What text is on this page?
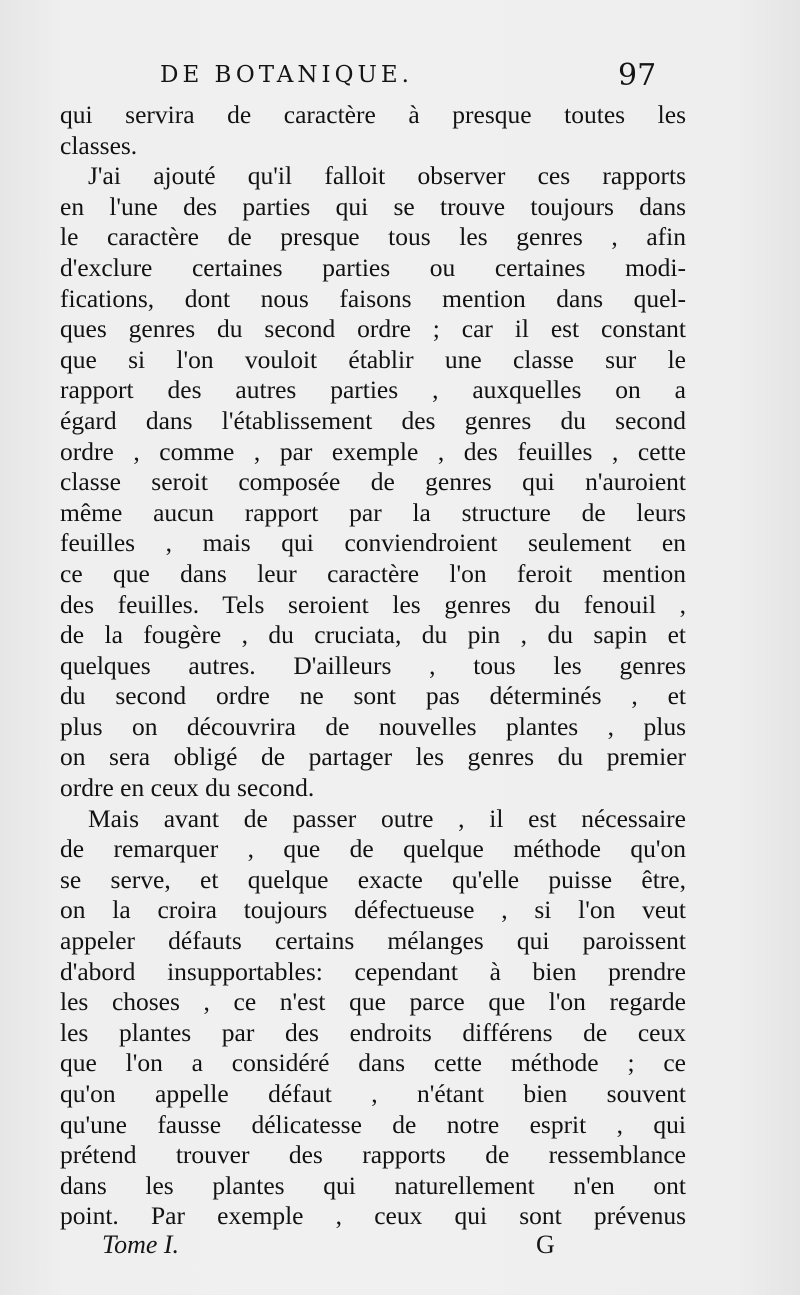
DE BOTANIQUE.	97
qui servira de caractère à presque toutes les
classes.
J'ai ajouté qu'il falloit observer ces rapports
en l'une des parties qui se trouve toujours dans
le caractère de presque tous les genres , afin
d'exclure certaines parties ou certaines modi-
fications, dont nous faisons mention dans quel-
ques genres du second ordre ; car il est constant
que si l'on vouloit établir une classe sur le
rapport des autres parties , auxquelles on a
égard dans l'établissement des genres du second
ordre , comme , par exemple , des feuilles , cette
classe seroit composée de genres qui n'auroient
même aucun rapport par la structure de leurs
feuilles , mais qui conviendroient seulement en
ce que dans leur caractère l'on feroit mention
des feuilles. Tels seroient les genres du fenouil ,
de la fougère , du cruciata, du pin , du sapin et
quelques autres. D'ailleurs , tous les genres
du second ordre ne sont pas déterminés , et
plus on découvrira de nouvelles plantes , plus
on sera obligé de partager les genres du premier
ordre en ceux du second.
Mais avant de passer outre , il est nécessaire
de remarquer , que de quelque méthode qu'on
se serve, et quelque exacte qu'elle puisse être,
on la croira toujours défectueuse , si l'on veut
appeler défauts certains mélanges qui paroissent
d'abord insupportables: cependant à bien prendre
les choses , ce n'est que parce que l'on regarde
les plantes par des endroits différens de ceux
que l'on a considéré dans cette méthode ; ce
qu'on appelle défaut , n'étant bien souvent
qu'une fausse délicatesse de notre esprit , qui
prétend trouver des rapports de ressemblance
dans les plantes qui naturellement n'en ont
point. Par exemple , ceux qui sont prévenus
Tome I.	G
